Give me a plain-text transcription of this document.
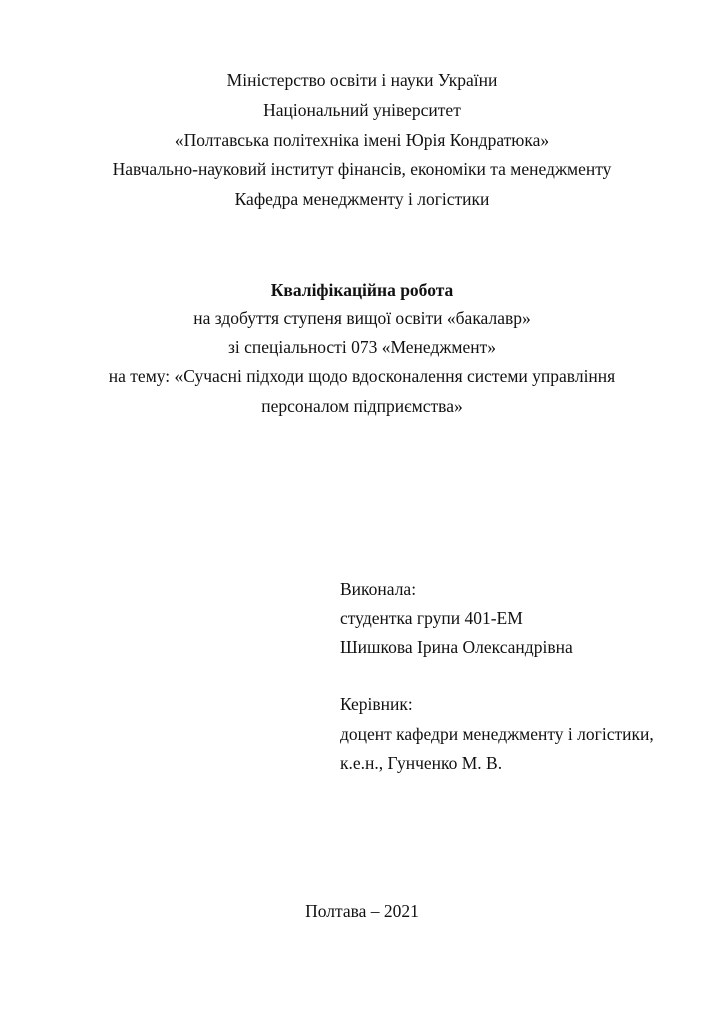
Міністерство освіти і науки України
Національний університет
«Полтавська політехніка імені Юрія Кондратюка»
Навчально-науковий інститут фінансів, економіки та менеджменту
Кафедра менеджменту і логістики
Кваліфікаційна робота
на здобуття ступеня вищої освіти «бакалавр»
зі спеціальності 073 «Менеджмент»
на тему: «Сучасні підходи щодо вдосконалення системи управління
персоналом підприємства»
Виконала:
студентка групи 401-ЕМ
Шишкова Ірина Олександрівна
Керівник:
доцент кафедри менеджменту і логістики,
к.е.н., Гунченко М. В.
Полтава – 2021
